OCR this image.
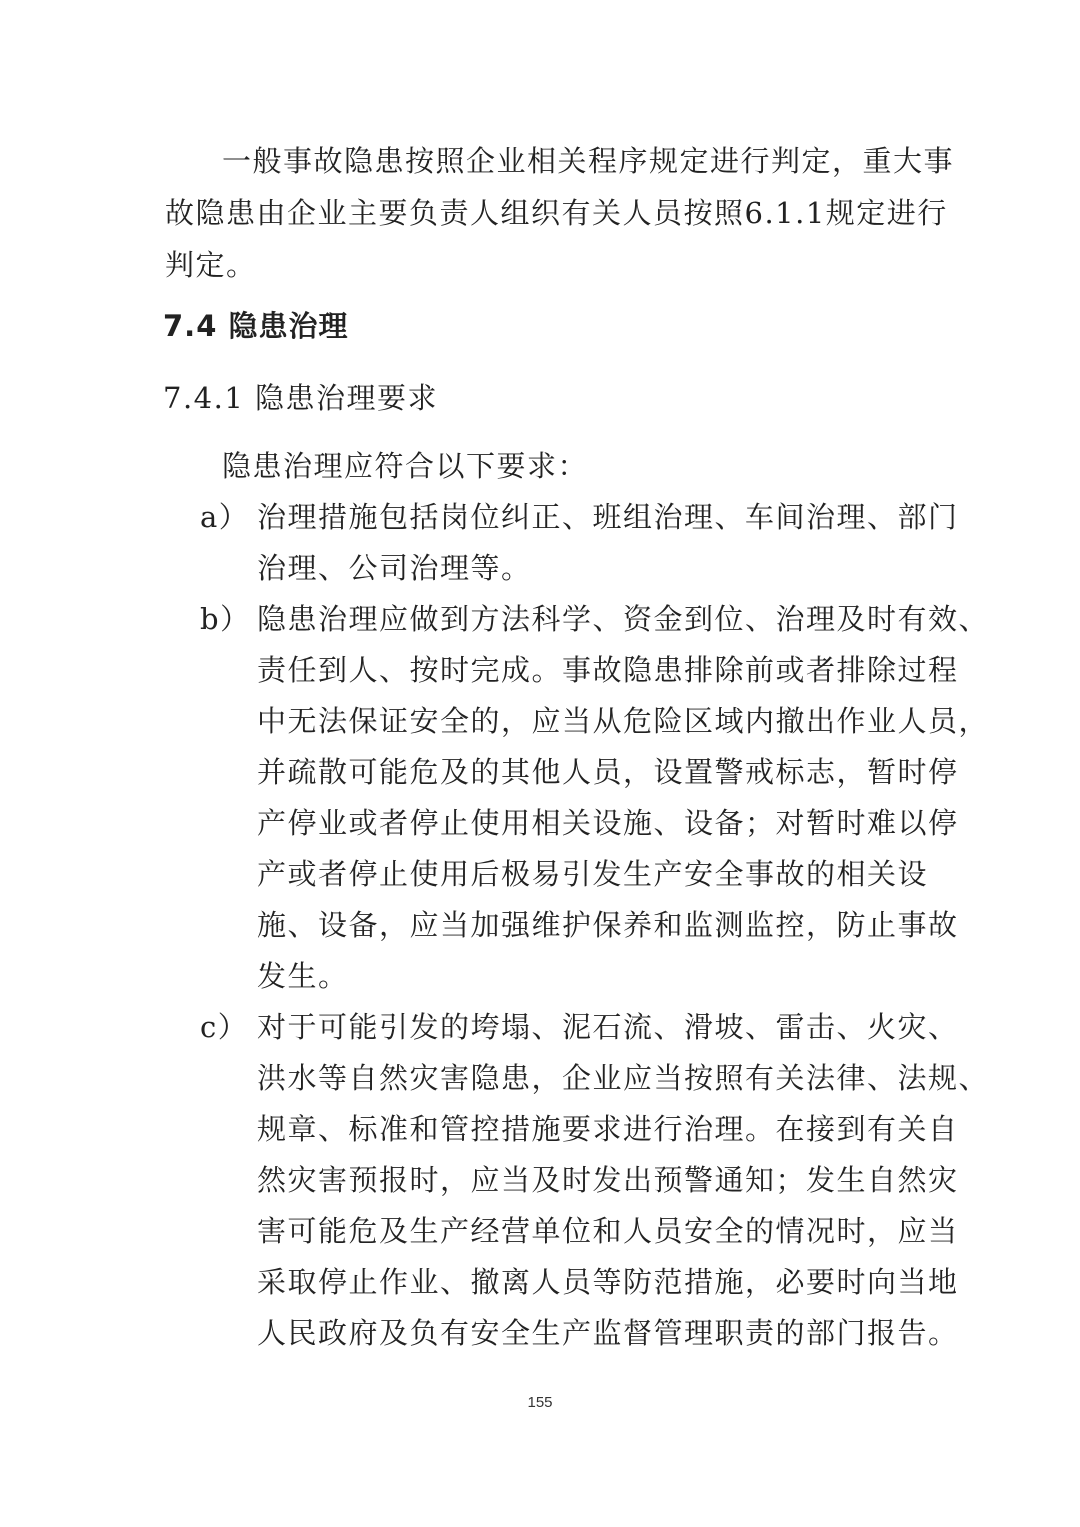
一般事故隐患按照企业相关程序规定进行判定，重大事
故隐患由企业主要负责人组织有关人员按照6.1.1规定进行
判定。
7.4 隐患治理
7.4.1 隐患治理要求
隐患治理应符合以下要求：
a） 治理措施包括岗位纠正、班组治理、车间治理、部门
治理、公司治理等。
b） 隐患治理应做到方法科学、资金到位、治理及时有效、
责任到人、按时完成。事故隐患排除前或者排除过程
中无法保证安全的，应当从危险区域内撤出作业人员，
并疏散可能危及的其他人员，设置警戒标志，暂时停
产停业或者停止使用相关设施、设备；对暂时难以停
产或者停止使用后极易引发生产安全事故的相关设
施、设备，应当加强维护保养和监测监控，防止事故
发生。
c） 对于可能引发的垮塌、泥石流、滑坡、雷击、火灾、
洪水等自然灾害隐患，企业应当按照有关法律、法规、
规章、标准和管控措施要求进行治理。在接到有关自
然灾害预报时，应当及时发出预警通知；发生自然灾
害可能危及生产经营单位和人员安全的情况时，应当
采取停止作业、撤离人员等防范措施，必要时向当地
人民政府及负有安全生产监督管理职责的部门报告。
155
